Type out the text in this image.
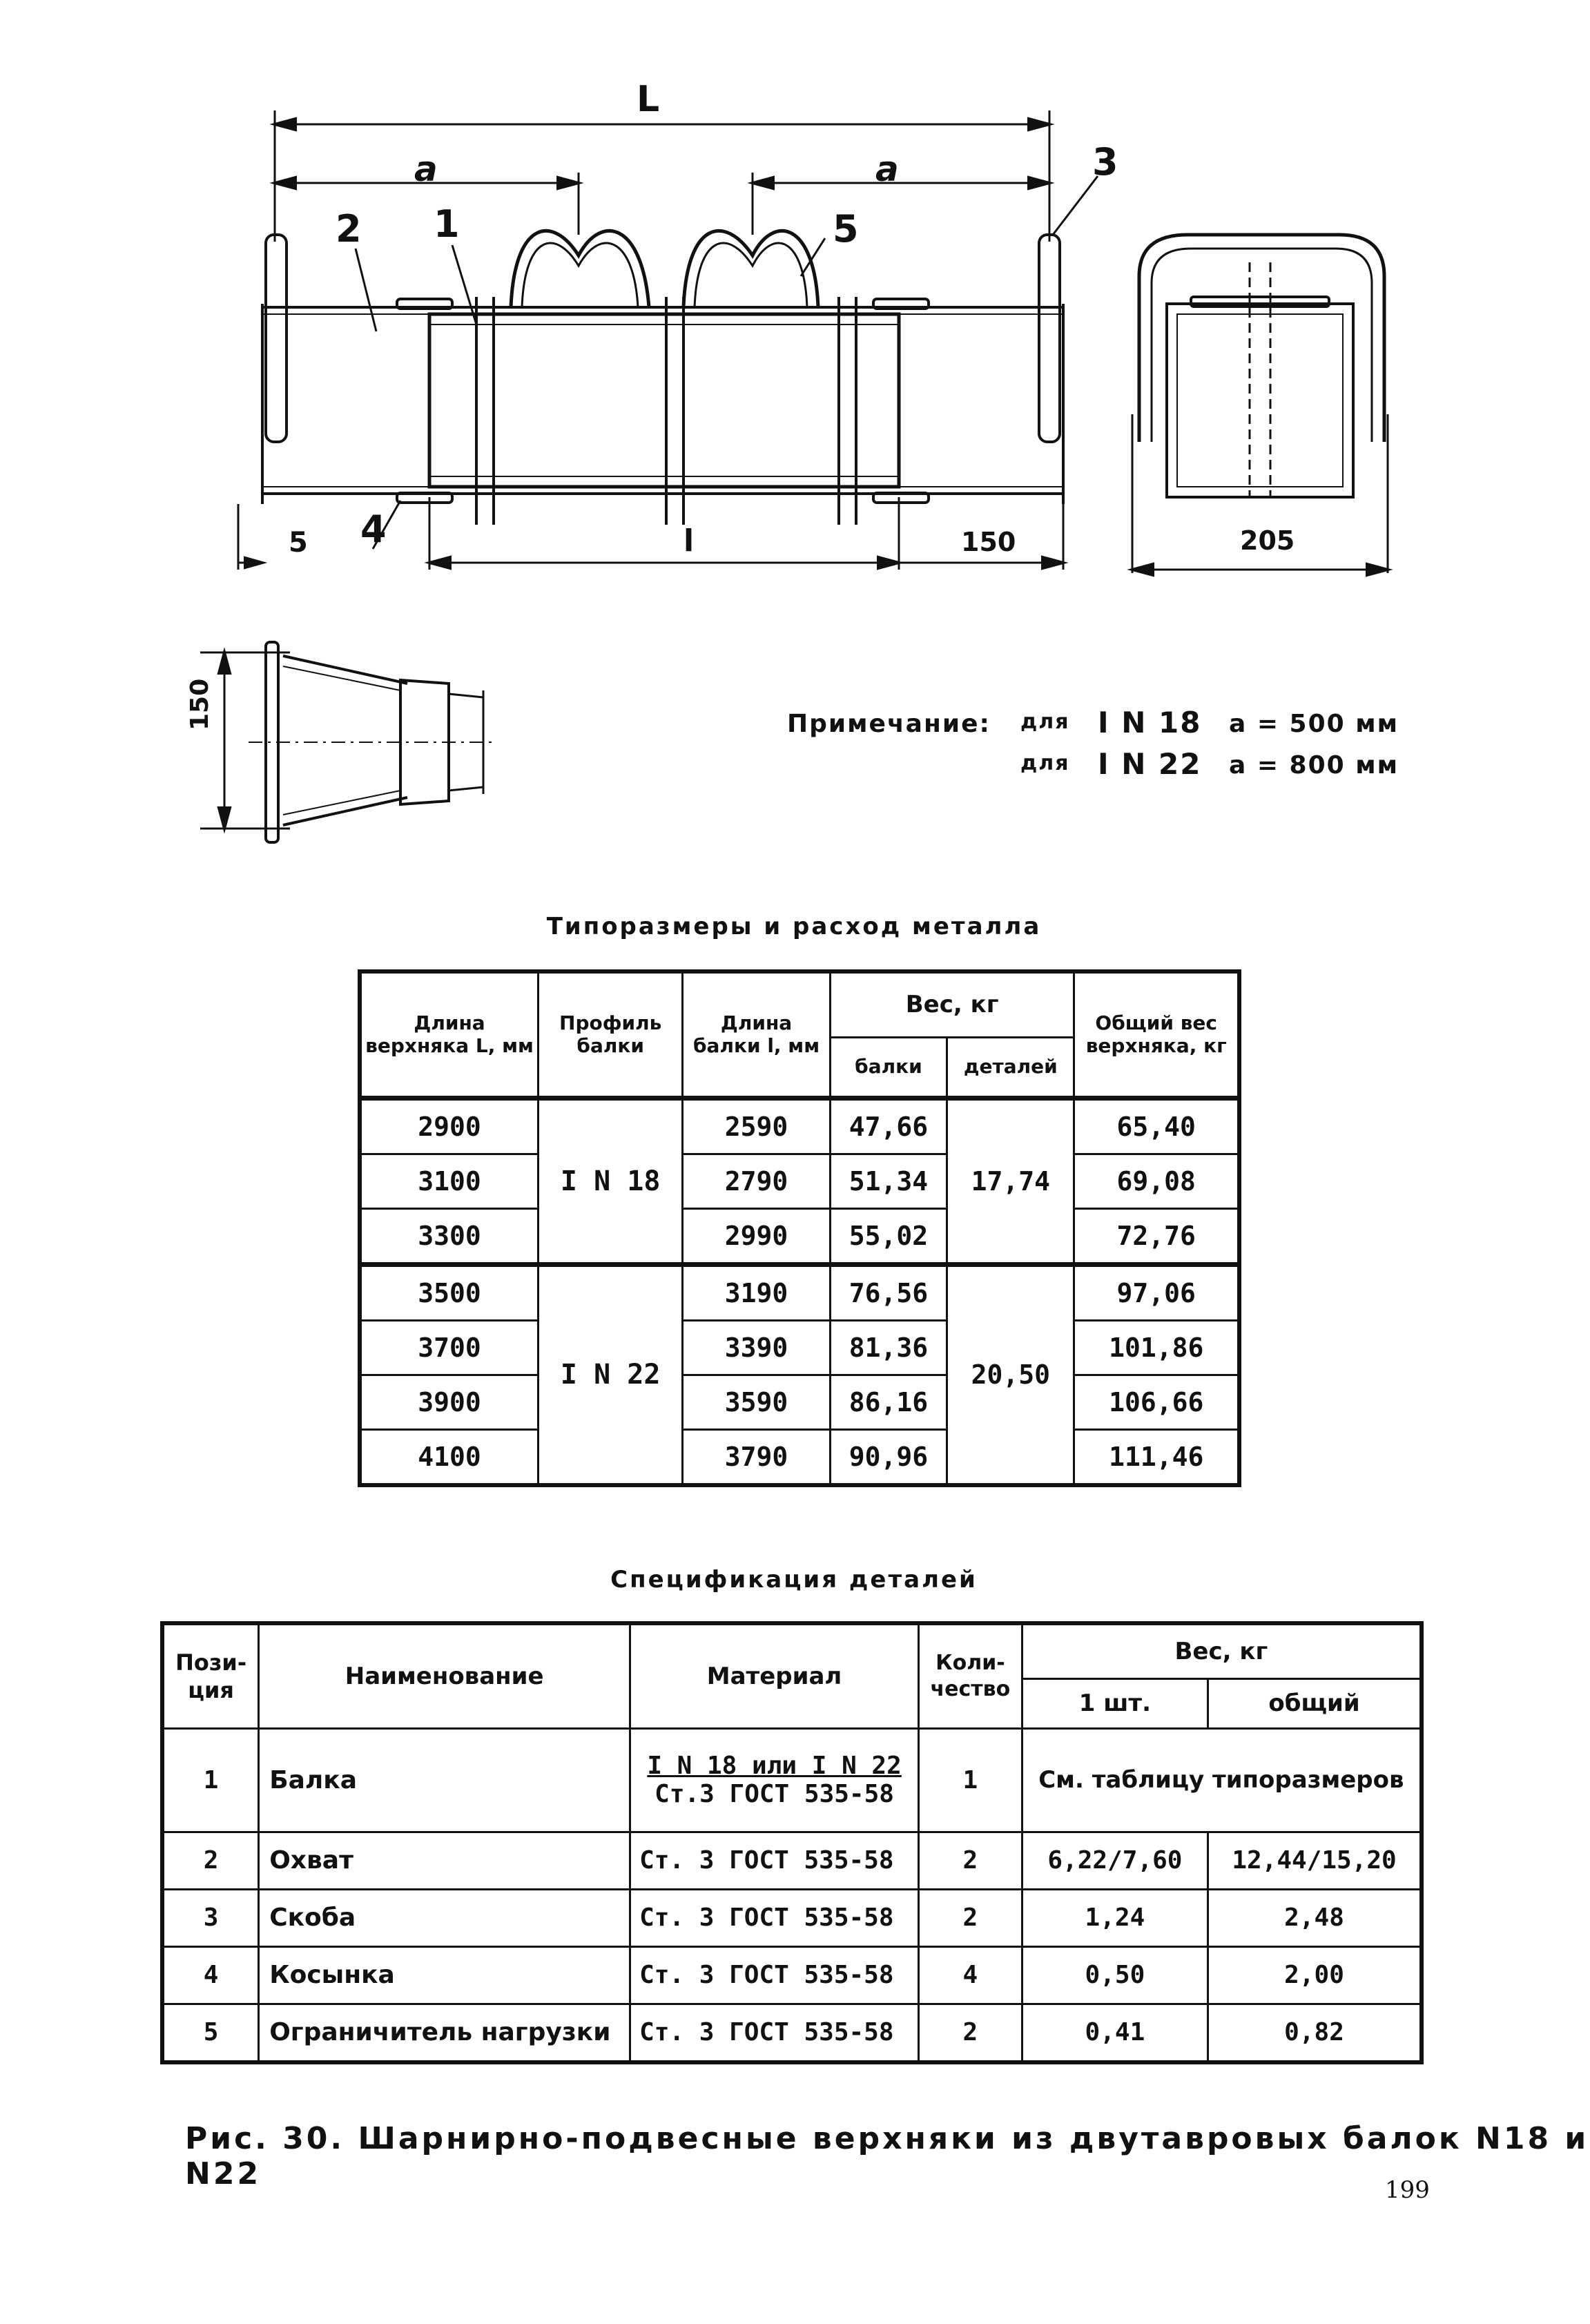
L
a	a
2 1	5
3
4
5	l	150	205
150	Примечание: для I N 18 a = 500 мм
для I N 22 a = 800 мм
Типоразмеры и расход металла
Длина верхняка L, мм	Профиль балки	Длина балки l, мм	Вес, кг		Общий вес верхняка, кг
			балки	деталей	
2900	I N 18	2590	47,66	17,74	65,40
3100		2790	51,34		69,08
3300		2990	55,02		72,76
3500	I N 22	3190	76,56	20,50	97,06
3700		3390	81,36		101,86
3900		3590	86,16		106,66
4100		3790	90,96		111,46
Спецификация деталей
Пози- ция	Наименование	Материал	Коли- чество	Вес, кг	
				1 шт.	общий
1	Балка	I N 18 или I N 22
Ст.3 ГОСТ 535-58	1	См. таблицу типоразмеров	
2	Охват	Ст. 3 ГОСТ 535-58	2	6,22/7,60	12,44/15,20
3	Скоба	Ст. 3 ГОСТ 535-58	2	1,24	2,48
4	Косынка	Ст. 3 ГОСТ 535-58	4	0,50	2,00
5	Ограничитель нагрузки	Ст. 3 ГОСТ 535-58	2	0,41	0,82
Рис. 30. Шарнирно-подвесные верхняки из двутавровых балок N18 и N22	199
